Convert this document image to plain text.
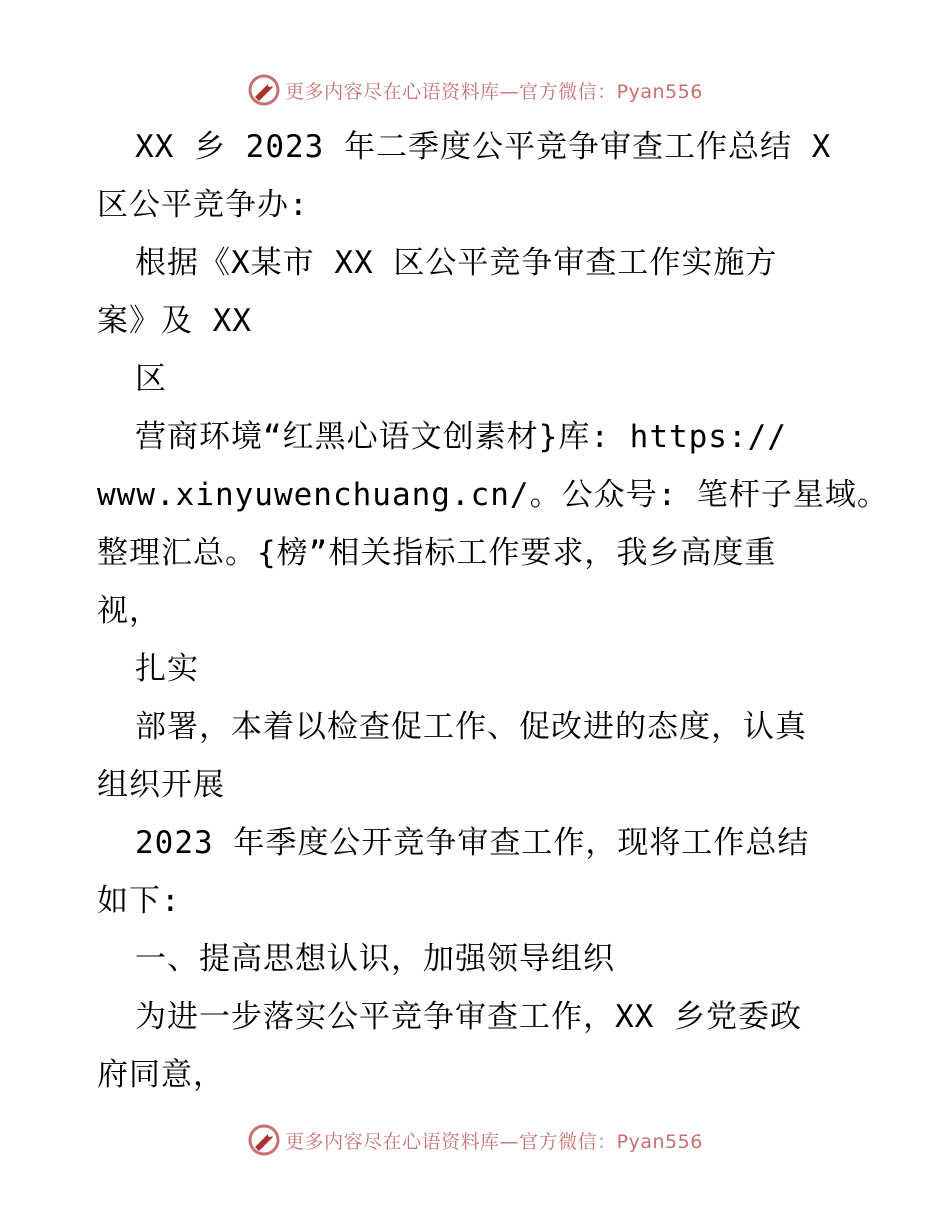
更多内容尽在心语资料库—官方微信：Pyan556
XX 乡 2023 年二季度公平竞争审查工作总结 X
区公平竞争办:
根据《X某市 XX 区公平竞争审查工作实施方
案》及 XX
区
营商环境“红黑心语文创素材}库: https://
www.xinyuwenchuang.cn/。公众号: 笔杆子星域。
整理汇总。{榜”相关指标工作要求，我乡高度重
视，
扎实
部署，本着以检查促工作、促改进的态度，认真
组织开展
2023 年季度公开竞争审查工作，现将工作总结
如下:
一、提高思想认识，加强领导组织
为进一步落实公平竞争审查工作，XX 乡党委政
府同意，
更多内容尽在心语资料库—官方微信：Pyan556
